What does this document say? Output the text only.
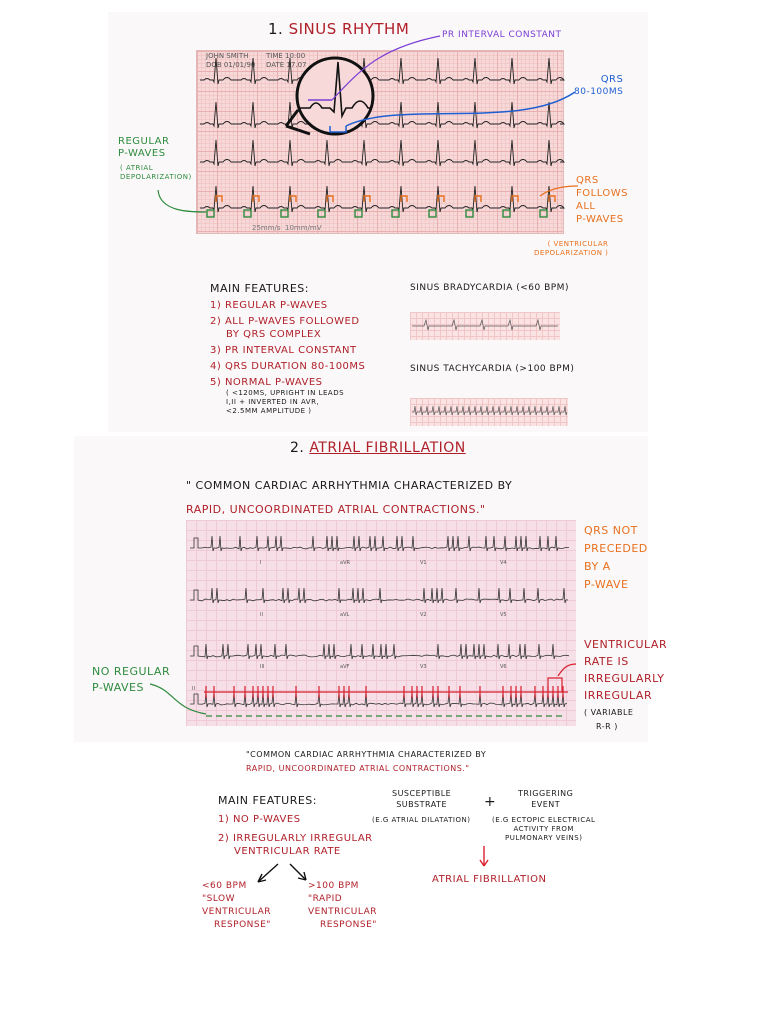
1. SINUS RHYTHM
JOHN SMITH
DOB 01/01/90
TIME 10:00
DATE 17.07
25mm/s 10mm/mV
PR INTERVAL CONSTANT
QRS
80-100MS
REGULAR
P-WAVES
( ATRIAL
DEPOLARIZATION)	QRS
FOLLOWS
ALL
P-WAVES
( VENTRICULAR
DEPOLARIZATION )
MAIN FEATURES:
1) REGULAR P-WAVES
2) ALL P-WAVES FOLLOWED
BY QRS COMPLEX
3) PR INTERVAL CONSTANT
4) QRS DURATION 80-100MS
5) NORMAL P-WAVES
( <120MS, UPRIGHT IN LEADS
I,II + INVERTED IN AVR,
<2.5MM AMPLITUDE )
SINUS BRADYCARDIA (<60 BPM)
SINUS TACHYCARDIA (>100 BPM)
2. ATRIAL FIBRILLATION
" COMMON CARDIAC ARRHYTHMIA CHARACTERIZED BY
RAPID, UNCOORDINATED ATRIAL CONTRACTIONS."
I	aVR	V1	V4
II	aVL	V2	V5
III	aVF	V3	V6
II
QRS NOT
PRECEDED
BY A
P-WAVE
VENTRICULAR
RATE IS
IRREGULARLY
IRREGULAR
( VARIABLE
R-R )
NO REGULAR
P-WAVES
"COMMON CARDIAC ARRHYTHMIA CHARACTERIZED BY
RAPID, UNCOORDINATED ATRIAL CONTRACTIONS."
MAIN FEATURES:
1) NO P-WAVES
2) IRREGULARLY IRREGULAR
VENTRICULAR RATE
<60 BPM
"SLOW
VENTRICULAR
RESPONSE"
>100 BPM
"RAPID
VENTRICULAR
RESPONSE"
SUSCEPTIBLE
SUBSTRATE
(E.G ATRIAL DILATATION)
+
TRIGGERING
EVENT
(E.G ECTOPIC ELECTRICAL
ACTIVITY FROM
PULMONARY VEINS)
ATRIAL FIBRILLATION
